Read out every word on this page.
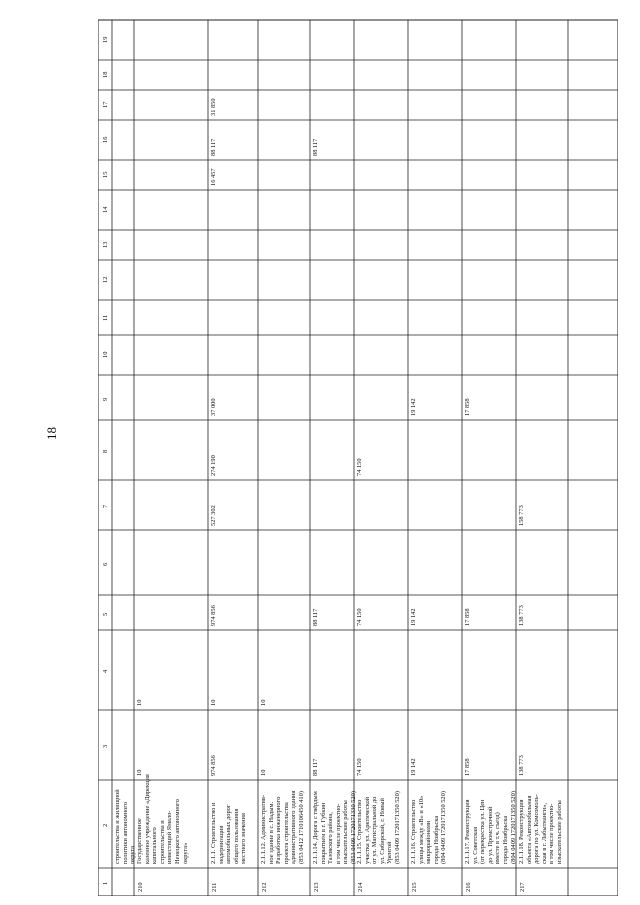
18
1
2
3
4
5
6
7
8
9
10
11
12
13
14
15
16
17
18
19
строительства и жилищной
политики автономного
округа
210
Государственное
казенное учреждение «Дирекция
капитального
строительства и
инвестиций Ямало-
Ненецкого автономного
округа»
10
10
211
2.1.1. Строительство и
модернизация
автомобильных дорог
общего пользования
местного значения
974 856
10
974 856
527 302
274 190
37 000
16 457
88 117
31 850
212
2.1.1.12. Административ-
ное здание в с. Надым.
Разработка инженерного
проекта строительства
административного здания
(853 0412 1710106450 410)
10
10
213
2.1.1.14. Дорога с твёрдым
покрытием в г. Губкин
Тазовского района,
в том числе проектно-
изыскательские работы
(853 0409 1720171330 520)
88 117
88 117
88 117
214
2.1.1.15. Строительство
участка ул. Арктической
от ул. Магистральной до
ул. Сибирской, г. Новый
Уренгой
(853 0409 1720171350 520)
74 150
74 150
74 150
215
2.1.1.16. Строительство
улицы между «В» и «10»
микрорайонами
города Ноябрьска
(804 0409 1720171350 520)
19 142
19 142
19 142
216
2.1.1.17. Реконструкция
ул. Советская
(от перекрестка ул. Цен
до ул. Промстрочной
вместе в т.ч. съезд)
города Ноябрьска
(804 0409 1720171350 520)
17 858
17 858
17 858
217
2.1.1.18. Реконструкция
объекта «Автомобильная
дорога по ул. Комсомоль-
ская в г. Лабытнанги»,
в том числе проектно-
изыскательские работы
138 773
138 773
158 773
